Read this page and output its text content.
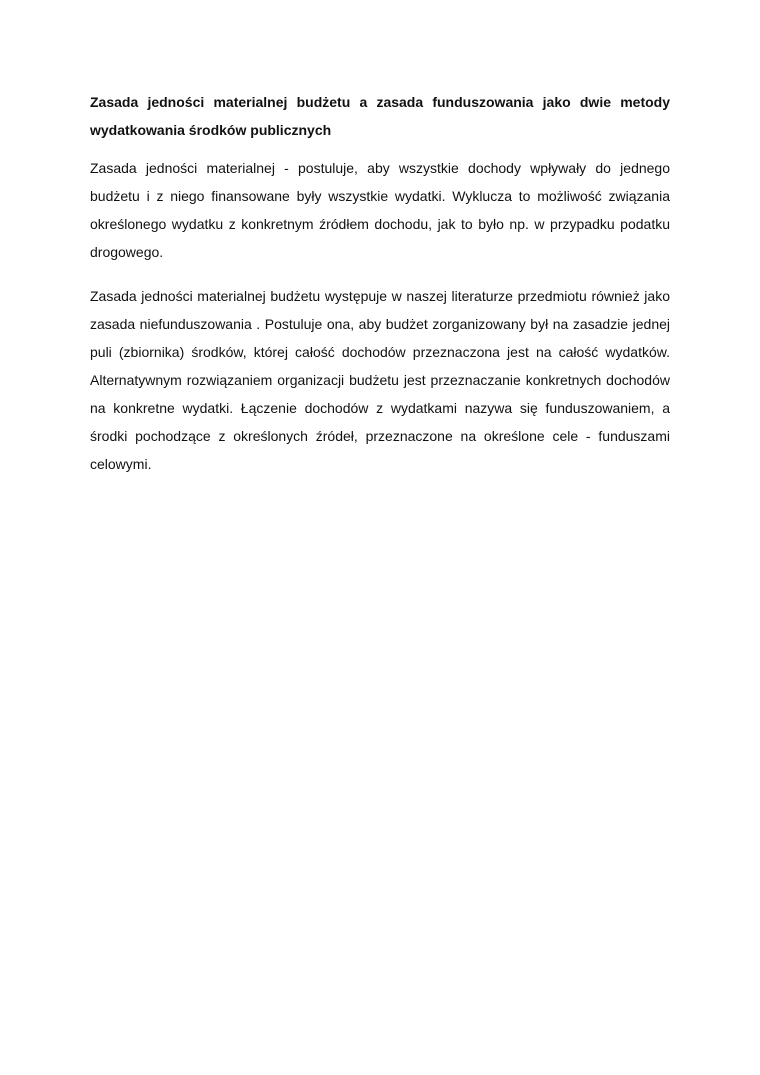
Zasada jedności materialnej budżetu a zasada funduszowania jako dwie metody wydatkowania środków publicznych

Zasada jedności materialnej - postuluje, aby wszystkie dochody wpływały do jednego budżetu i z niego finansowane były wszystkie wydatki. Wyklucza to możliwość związania określonego wydatku z konkretnym źródłem dochodu, jak to było np. w przypadku podatku drogowego.

Zasada jedności materialnej budżetu występuje w naszej literaturze przedmiotu również jako zasada niefunduszowania . Postuluje ona, aby budżet zorganizowany był na zasadzie jednej puli (zbiornika) środków, której całość dochodów przeznaczona jest na całość wydatków. Alternatywnym rozwiązaniem organizacji budżetu jest przeznaczanie konkretnych dochodów na konkretne wydatki. Łączenie dochodów z wydatkami nazywa się funduszowaniem, a środki pochodzące z określonych źródeł, przeznaczone na określone cele - funduszami celowymi.
